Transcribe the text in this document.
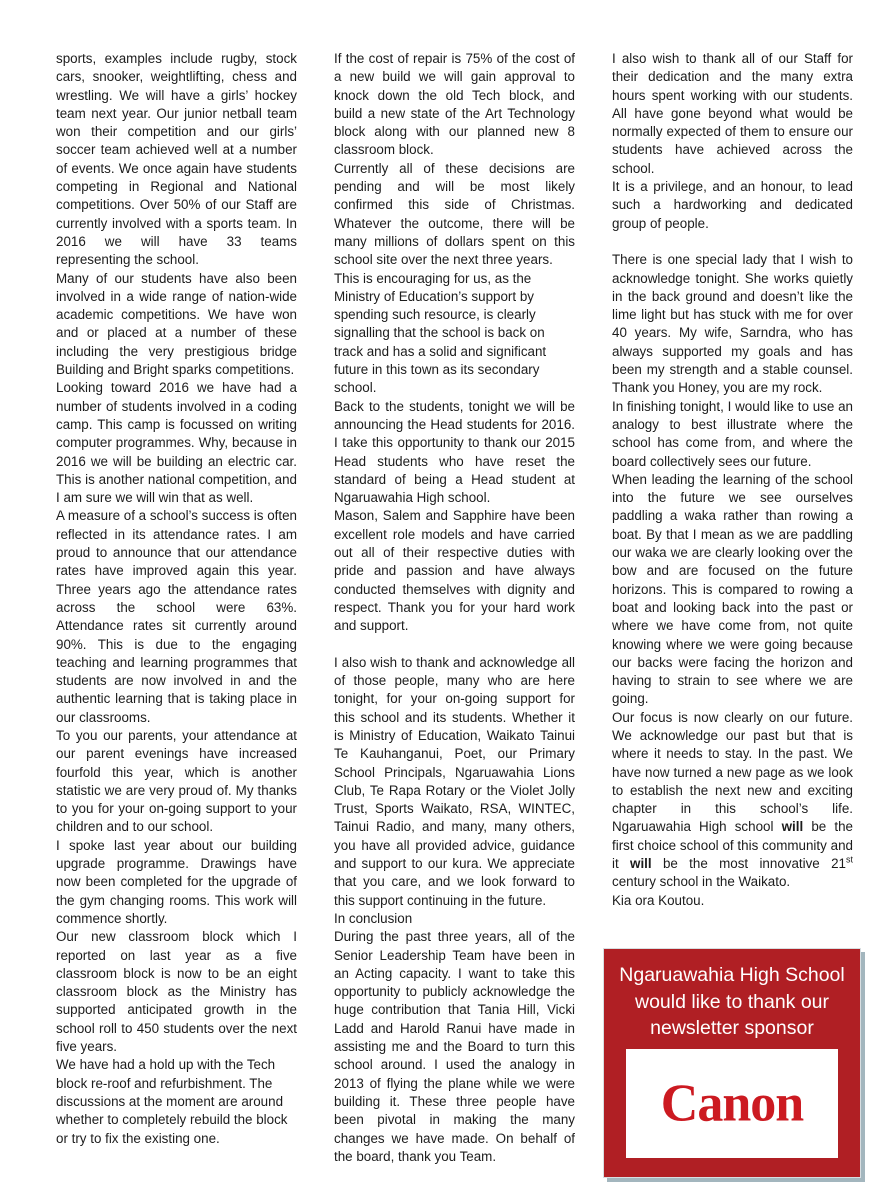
sports, examples include rugby, stock cars, snooker, weightlifting, chess and wrestling. We will have a girls’ hockey team next year. Our junior netball team won their competition and our girls’ soccer team achieved well at a number of events. We once again have students competing in Regional and National competitions. Over 50% of our Staff are currently involved with a sports team. In 2016 we will have 33 teams representing the school.

Many of our students have also been involved in a wide range of nation-wide academic competitions. We have won and or placed at a number of these including the very prestigious bridge Building and Bright sparks competitions.

Looking toward 2016 we have had a number of students involved in a coding camp. This camp is focussed on writing computer programmes. Why, because in 2016 we will be building an electric car. This is another national competition, and I am sure we will win that as well.

A measure of a school’s success is often reflected in its attendance rates. I am proud to announce that our attendance rates have improved again this year. Three years ago the attendance rates across the school were 63%. Attendance rates sit currently around 90%. This is due to the engaging teaching and learning programmes that students are now involved in and the authentic learning that is taking place in our classrooms.

To you our parents, your attendance at our parent evenings have increased fourfold this year, which is another statistic we are very proud of. My thanks to you for your on-going support to your children and to our school.

I spoke last year about our building upgrade programme. Drawings have now been completed for the upgrade of the gym changing rooms. This work will commence shortly.

Our new classroom block which I reported on last year as a five classroom block is now to be an eight classroom block as the Ministry has supported anticipated growth in the school roll to 450 students over the next five years.

We have had a hold up with the Tech block re-roof and refurbishment. The discussions at the moment are around whether to completely rebuild the block or try to fix the existing one.

If the cost of repair is 75% of the cost of a new build we will gain approval to knock down the old Tech block, and build a new state of the Art Technology block along with our planned new 8 classroom block.

Currently all of these decisions are pending and will be most likely confirmed this side of Christmas. Whatever the outcome, there will be many millions of dollars spent on this school site over the next three years.

This is encouraging for us, as the Ministry of Education’s support by spending such resource, is clearly signalling that the school is back on track and has a solid and significant future in this town as its secondary school.

Back to the students, tonight we will be announcing the Head students for 2016. I take this opportunity to thank our 2015 Head students who have reset the standard of being a Head student at Ngaruawahia High school.

Mason, Salem and Sapphire have been excellent role models and have carried out all of their respective duties with pride and passion and have always conducted themselves with dignity and respect. Thank you for your hard work and support.

I also wish to thank and acknowledge all of those people, many who are here tonight, for your on-going support for this school and its students. Whether it is Ministry of Education, Waikato Tainui Te Kauhanganui, Poet, our Primary School Principals, Ngaruawahia Lions Club, Te Rapa Rotary or the Violet Jolly Trust, Sports Waikato, RSA, WINTEC, Tainui Radio, and many, many others, you have all provided advice, guidance and support to our kura. We appreciate that you care, and we look forward to this support continuing in the future.

In conclusion

During the past three years, all of the Senior Leadership Team have been in an Acting capacity. I want to take this opportunity to publicly acknowledge the huge contribution that Tania Hill, Vicki Ladd and Harold Ranui have made in assisting me and the Board to turn this school around. I used the analogy in 2013 of flying the plane while we were building it. These three people have been pivotal in making the many changes we have made. On behalf of the board, thank you Team.

I also wish to thank all of our Staff for their dedication and the many extra hours spent working with our students. All have gone beyond what would be normally expected of them to ensure our students have achieved across the school.

It is a privilege, and an honour, to lead such a hardworking and dedicated group of people.

There is one special lady that I wish to acknowledge tonight. She works quietly in the back ground and doesn’t like the lime light but has stuck with me for over 40 years. My wife, Sarndra, who has always supported my goals and has been my strength and a stable counsel. Thank you Honey, you are my rock.

In finishing tonight, I would like to use an analogy to best illustrate where the school has come from, and where the board collectively sees our future.

When leading the learning of the school into the future we see ourselves paddling a waka rather than rowing a boat. By that I mean as we are paddling our waka we are clearly looking over the bow and are focused on the future horizons. This is compared to rowing a boat and looking back into the past or where we have come from, not quite knowing where we were going because our backs were facing the horizon and having to strain to see where we are going.

Our focus is now clearly on our future. We acknowledge our past but that is where it needs to stay. In the past. We have now turned a new page as we look to establish the next new and exciting chapter in this school’s life. Ngaruawahia High school will be the first choice school of this community and it will be the most innovative 21st century school in the Waikato.

Kia ora Koutou.

Ngaruawahia High School
would like to thank our
newsletter sponsor
Canon
